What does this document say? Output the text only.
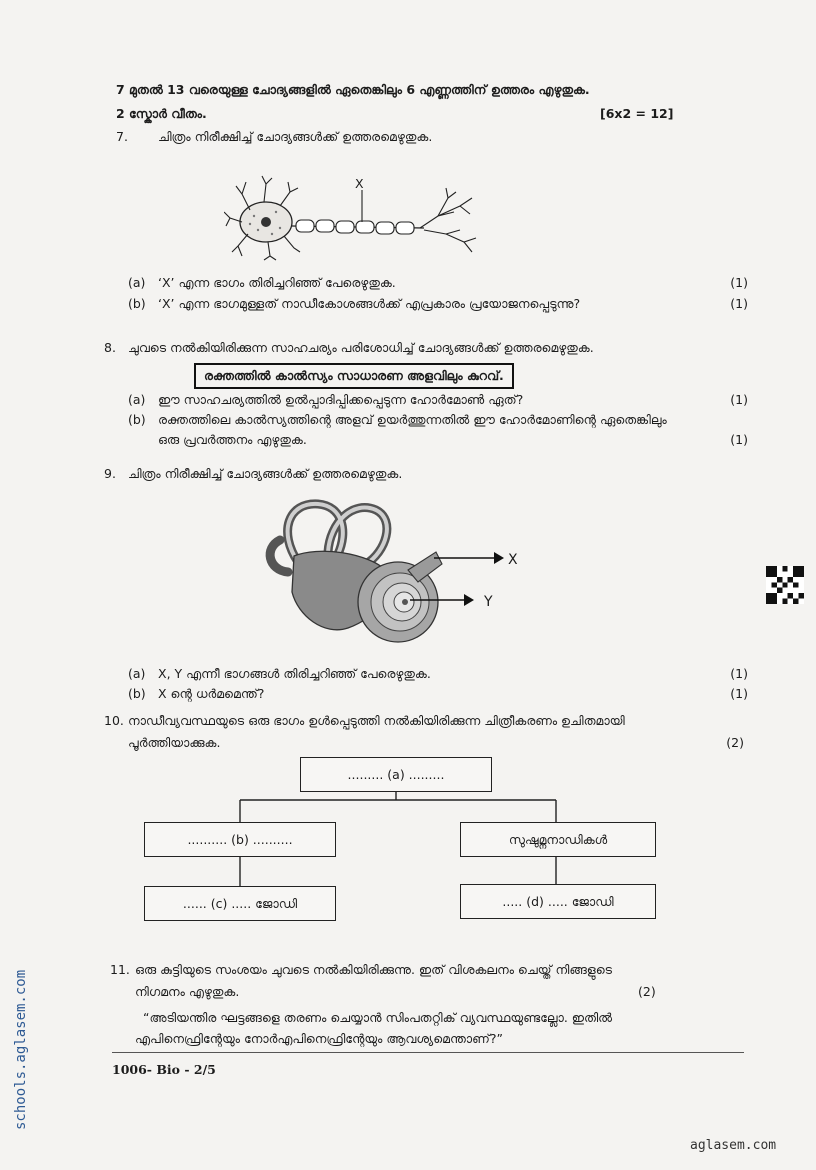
7 മുതൽ 13 വരെയുള്ള ചോദ്യങ്ങളിൽ ഏതെങ്കിലും 6 എണ്ണത്തിന് ഉത്തരം എഴുതുക.
2 സ്കോർ വീതം.	[6x2 = 12]
7. ചിത്രം നിരീക്ഷിച്ച് ചോദ്യങ്ങൾക്ക് ഉത്തരമെഴുതുക.
X
(a) ‘X’ എന്ന ഭാഗം തിരിച്ചറിഞ്ഞ് പേരെഴുതുക.	(1)
(b) ‘X’ എന്ന ഭാഗമുള്ളത് നാഡീകോശങ്ങൾക്ക് എപ്രകാരം പ്രയോജനപ്പെടുന്നു?	(1)
8. ചുവടെ നൽകിയിരിക്കുന്ന സാഹചര്യം പരിശോധിച്ച് ചോദ്യങ്ങൾക്ക് ഉത്തരമെഴുതുക.
രക്തത്തിൽ കാൽസ്യം സാധാരണ അളവിലും കുറവ്.
(a) ഈ സാഹചര്യത്തിൽ ഉൽപ്പാദിപ്പിക്കപ്പെടുന്ന ഹോർമോൺ ഏത്?	(1)
(b) രക്തത്തിലെ കാൽസ്യത്തിന്റെ അളവ് ഉയർത്തുന്നതിൽ ഈ ഹോർമോണിന്റെ ഏതെങ്കിലും
ഒരു പ്രവർത്തനം എഴുതുക.	(1)
9. ചിത്രം നിരീക്ഷിച്ച് ചോദ്യങ്ങൾക്ക് ഉത്തരമെഴുതുക.
X
Y
(a) X, Y എന്നീ ഭാഗങ്ങൾ തിരിച്ചറിഞ്ഞ് പേരെഴുതുക.	(1)
(b) X ന്റെ ധർമമെന്ത്?	(1)
10. നാഡീവ്യവസ്ഥയുടെ ഒരു ഭാഗം ഉൾപ്പെടുത്തി നൽകിയിരിക്കുന്ന ചിത്രീകരണം ഉചിതമായി
പൂർത്തിയാക്കുക.	(2)
......... (a) .........
.......... (b) ..........	സുഷുമ്നനാഡികൾ
...... (c) ..... ജോഡി	..... (d) ..... ജോഡി
11. ഒരു കുട്ടിയുടെ സംശയം ചുവടെ നൽകിയിരിക്കുന്നു. ഇത് വിശകലനം ചെയ്ത് നിങ്ങളുടെ
നിഗമനം എഴുതുക.	(2)
“അടിയന്തിര ഘട്ടങ്ങളെ തരണം ചെയ്യാൻ സിംപതറ്റിക് വ്യവസ്ഥയുണ്ടല്ലോ. ഇതിൽ
എപിനെഫ്രിന്റേയും നോർഎപിനെഫ്രിന്റേയും ആവശ്യമെന്താണ്?”
1006- Bio - 2/5
schools.aglasem.com
aglasem.com
